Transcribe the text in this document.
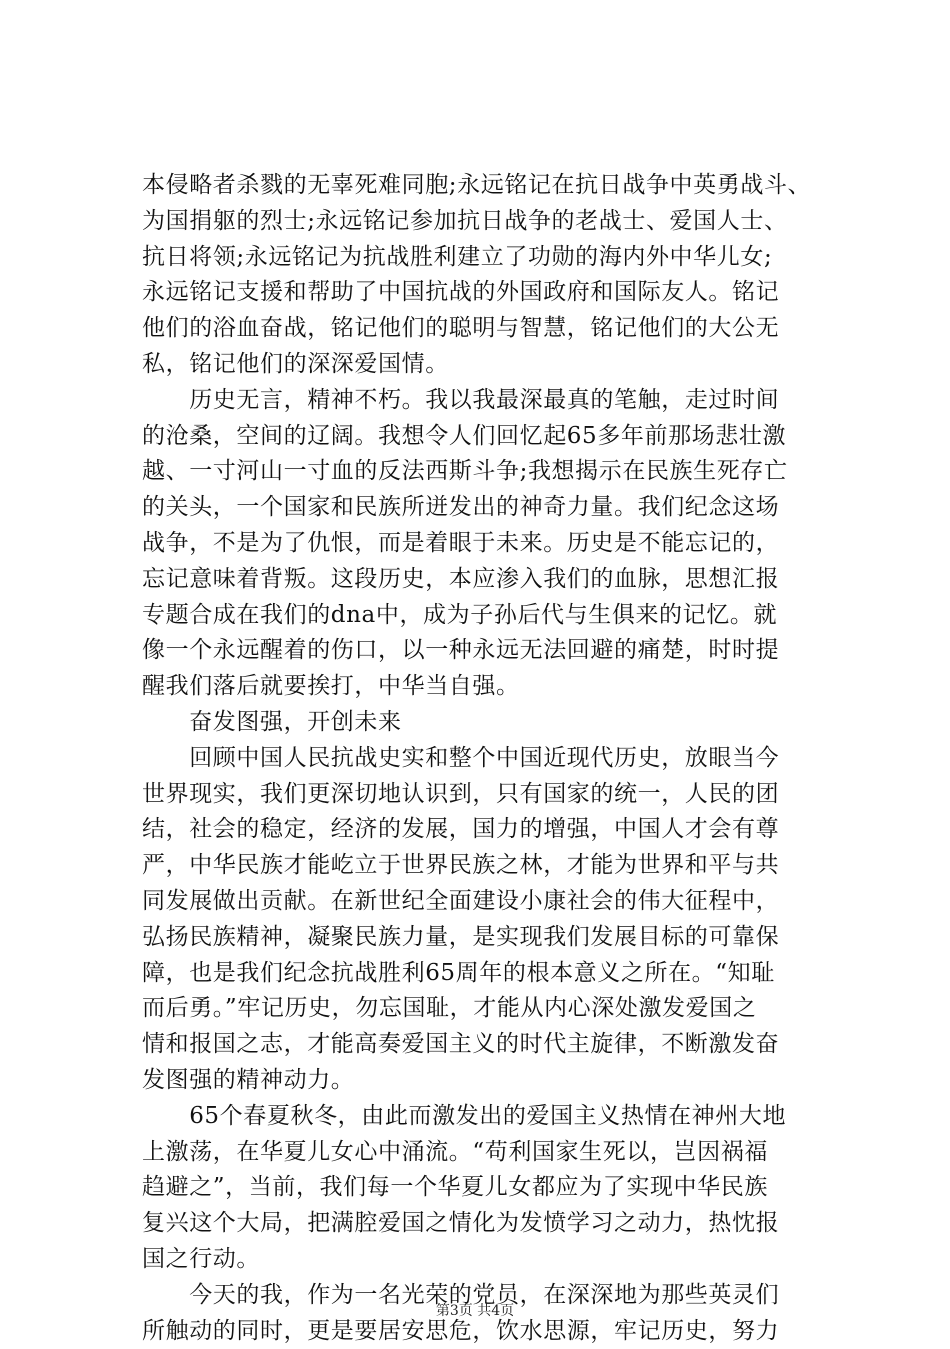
本侵略者杀戮的无辜死难同胞;永远铭记在抗日战争中英勇战斗、
为国捐躯的烈士;永远铭记参加抗日战争的老战士、爱国人士、
抗日将领;永远铭记为抗战胜利建立了功勋的海内外中华儿女;
永远铭记支援和帮助了中国抗战的外国政府和国际友人。铭记
他们的浴血奋战，铭记他们的聪明与智慧，铭记他们的大公无
私，铭记他们的深深爱国情。
　　历史无言，精神不朽。我以我最深最真的笔触，走过时间
的沧桑，空间的辽阔。我想令人们回忆起65多年前那场悲壮激
越、一寸河山一寸血的反法西斯斗争;我想揭示在民族生死存亡
的关头，一个国家和民族所迸发出的神奇力量。我们纪念这场
战争，不是为了仇恨，而是着眼于未来。历史是不能忘记的，
忘记意味着背叛。这段历史，本应渗入我们的血脉，思想汇报
专题合成在我们的dna中，成为子孙后代与生俱来的记忆。就
像一个永远醒着的伤口，以一种永远无法回避的痛楚，时时提
醒我们落后就要挨打，中华当自强。
　　奋发图强，开创未来
　　回顾中国人民抗战史实和整个中国近现代历史，放眼当今
世界现实，我们更深切地认识到，只有国家的统一，人民的团
结，社会的稳定，经济的发展，国力的增强，中国人才会有尊
严，中华民族才能屹立于世界民族之林，才能为世界和平与共
同发展做出贡献。在新世纪全面建设小康社会的伟大征程中，
弘扬民族精神，凝聚民族力量，是实现我们发展目标的可靠保
障，也是我们纪念抗战胜利65周年的根本意义之所在。“知耻
而后勇。”牢记历史，勿忘国耻，才能从内心深处激发爱国之
情和报国之志，才能高奏爱国主义的时代主旋律，不断激发奋
发图强的精神动力。
　　65个春夏秋冬，由此而激发出的爱国主义热情在神州大地
上激荡，在华夏儿女心中涌流。“苟利国家生死以，岂因祸福
趋避之”，当前，我们每一个华夏儿女都应为了实现中华民族
复兴这个大局，把满腔爱国之情化为发愤学习之动力，热忱报
国之行动。
　　今天的我，作为一名光荣的党员，在深深地为那些英灵们
所触动的同时，更是要居安思危，饮水思源，牢记历史，努力
第3页 共4页
